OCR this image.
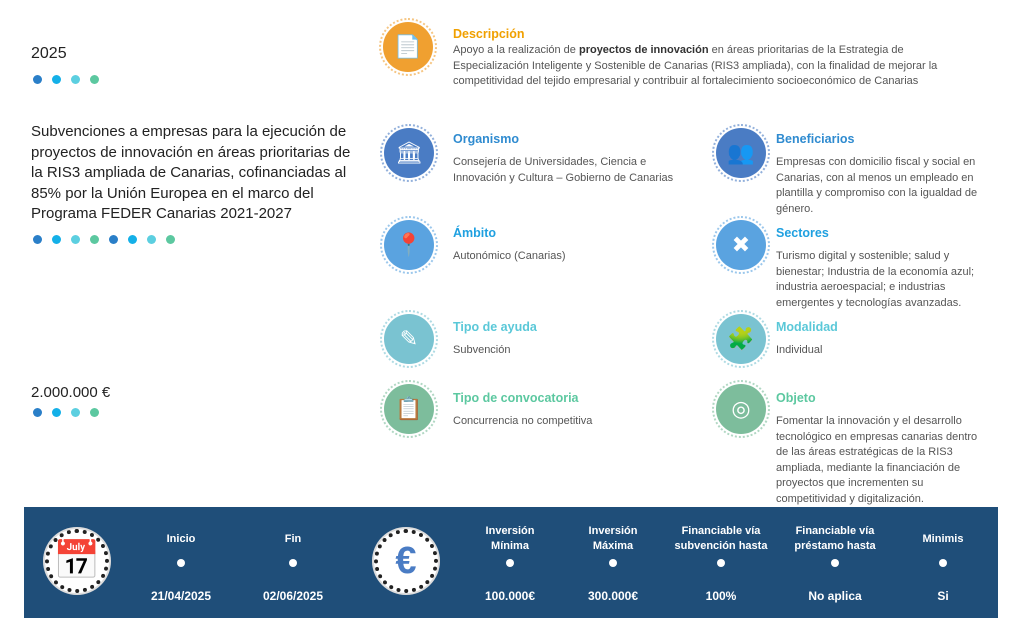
2025
Subvenciones a empresas para la ejecución de proyectos de innovación en áreas prioritarias de la RIS3 ampliada de Canarias, cofinanciadas al 85% por la Unión Europea en el marco del Programa FEDER Canarias 2021-2027
2.000.000 €
📄	Descripción
Apoyo a la realización de proyectos de innovación en áreas prioritarias de la Estrategia de Especialización Inteligente y Sostenible de Canarias (RIS3 ampliada), con la finalidad de mejorar la competitividad del tejido empresarial y contribuir al fortalecimiento socioeconómico de Canarias
🏛
Organismo
Consejería de Universidades, Ciencia e Innovación y Cultura – Gobierno de Canarias
👥
Beneficiarios
Empresas con domicilio fiscal y social en Canarias, con al menos un empleado en plantilla y compromiso con la igualdad de género.
📍 Ámbito
Autonómico (Canarias)	✖ Sectores
Turismo digital y sostenible; salud y bienestar; Industria de la economía azul; industria aeroespacial; e industrias emergentes y tecnologías avanzadas.
✎	Tipo de ayuda
Subvención	🧩 Modalidad
Individual
📋 Tipo de convocatoria
Concurrencia no competitiva	◎ Objeto
Fomentar la innovación y el desarrollo tecnológico en empresas canarias dentro de las áreas estratégicas de la RIS3 ampliada, mediante la financiación de proyectos que incrementen su competitividad y digitalización.
📅	€
Inicio
21/04/2025
Fin
02/06/2025
Inversión Mínima
100.000€
Inversión Máxima
300.000€
Financiable vía subvención hasta
100%
Financiable vía préstamo hasta
No aplica
Minimis
Si
